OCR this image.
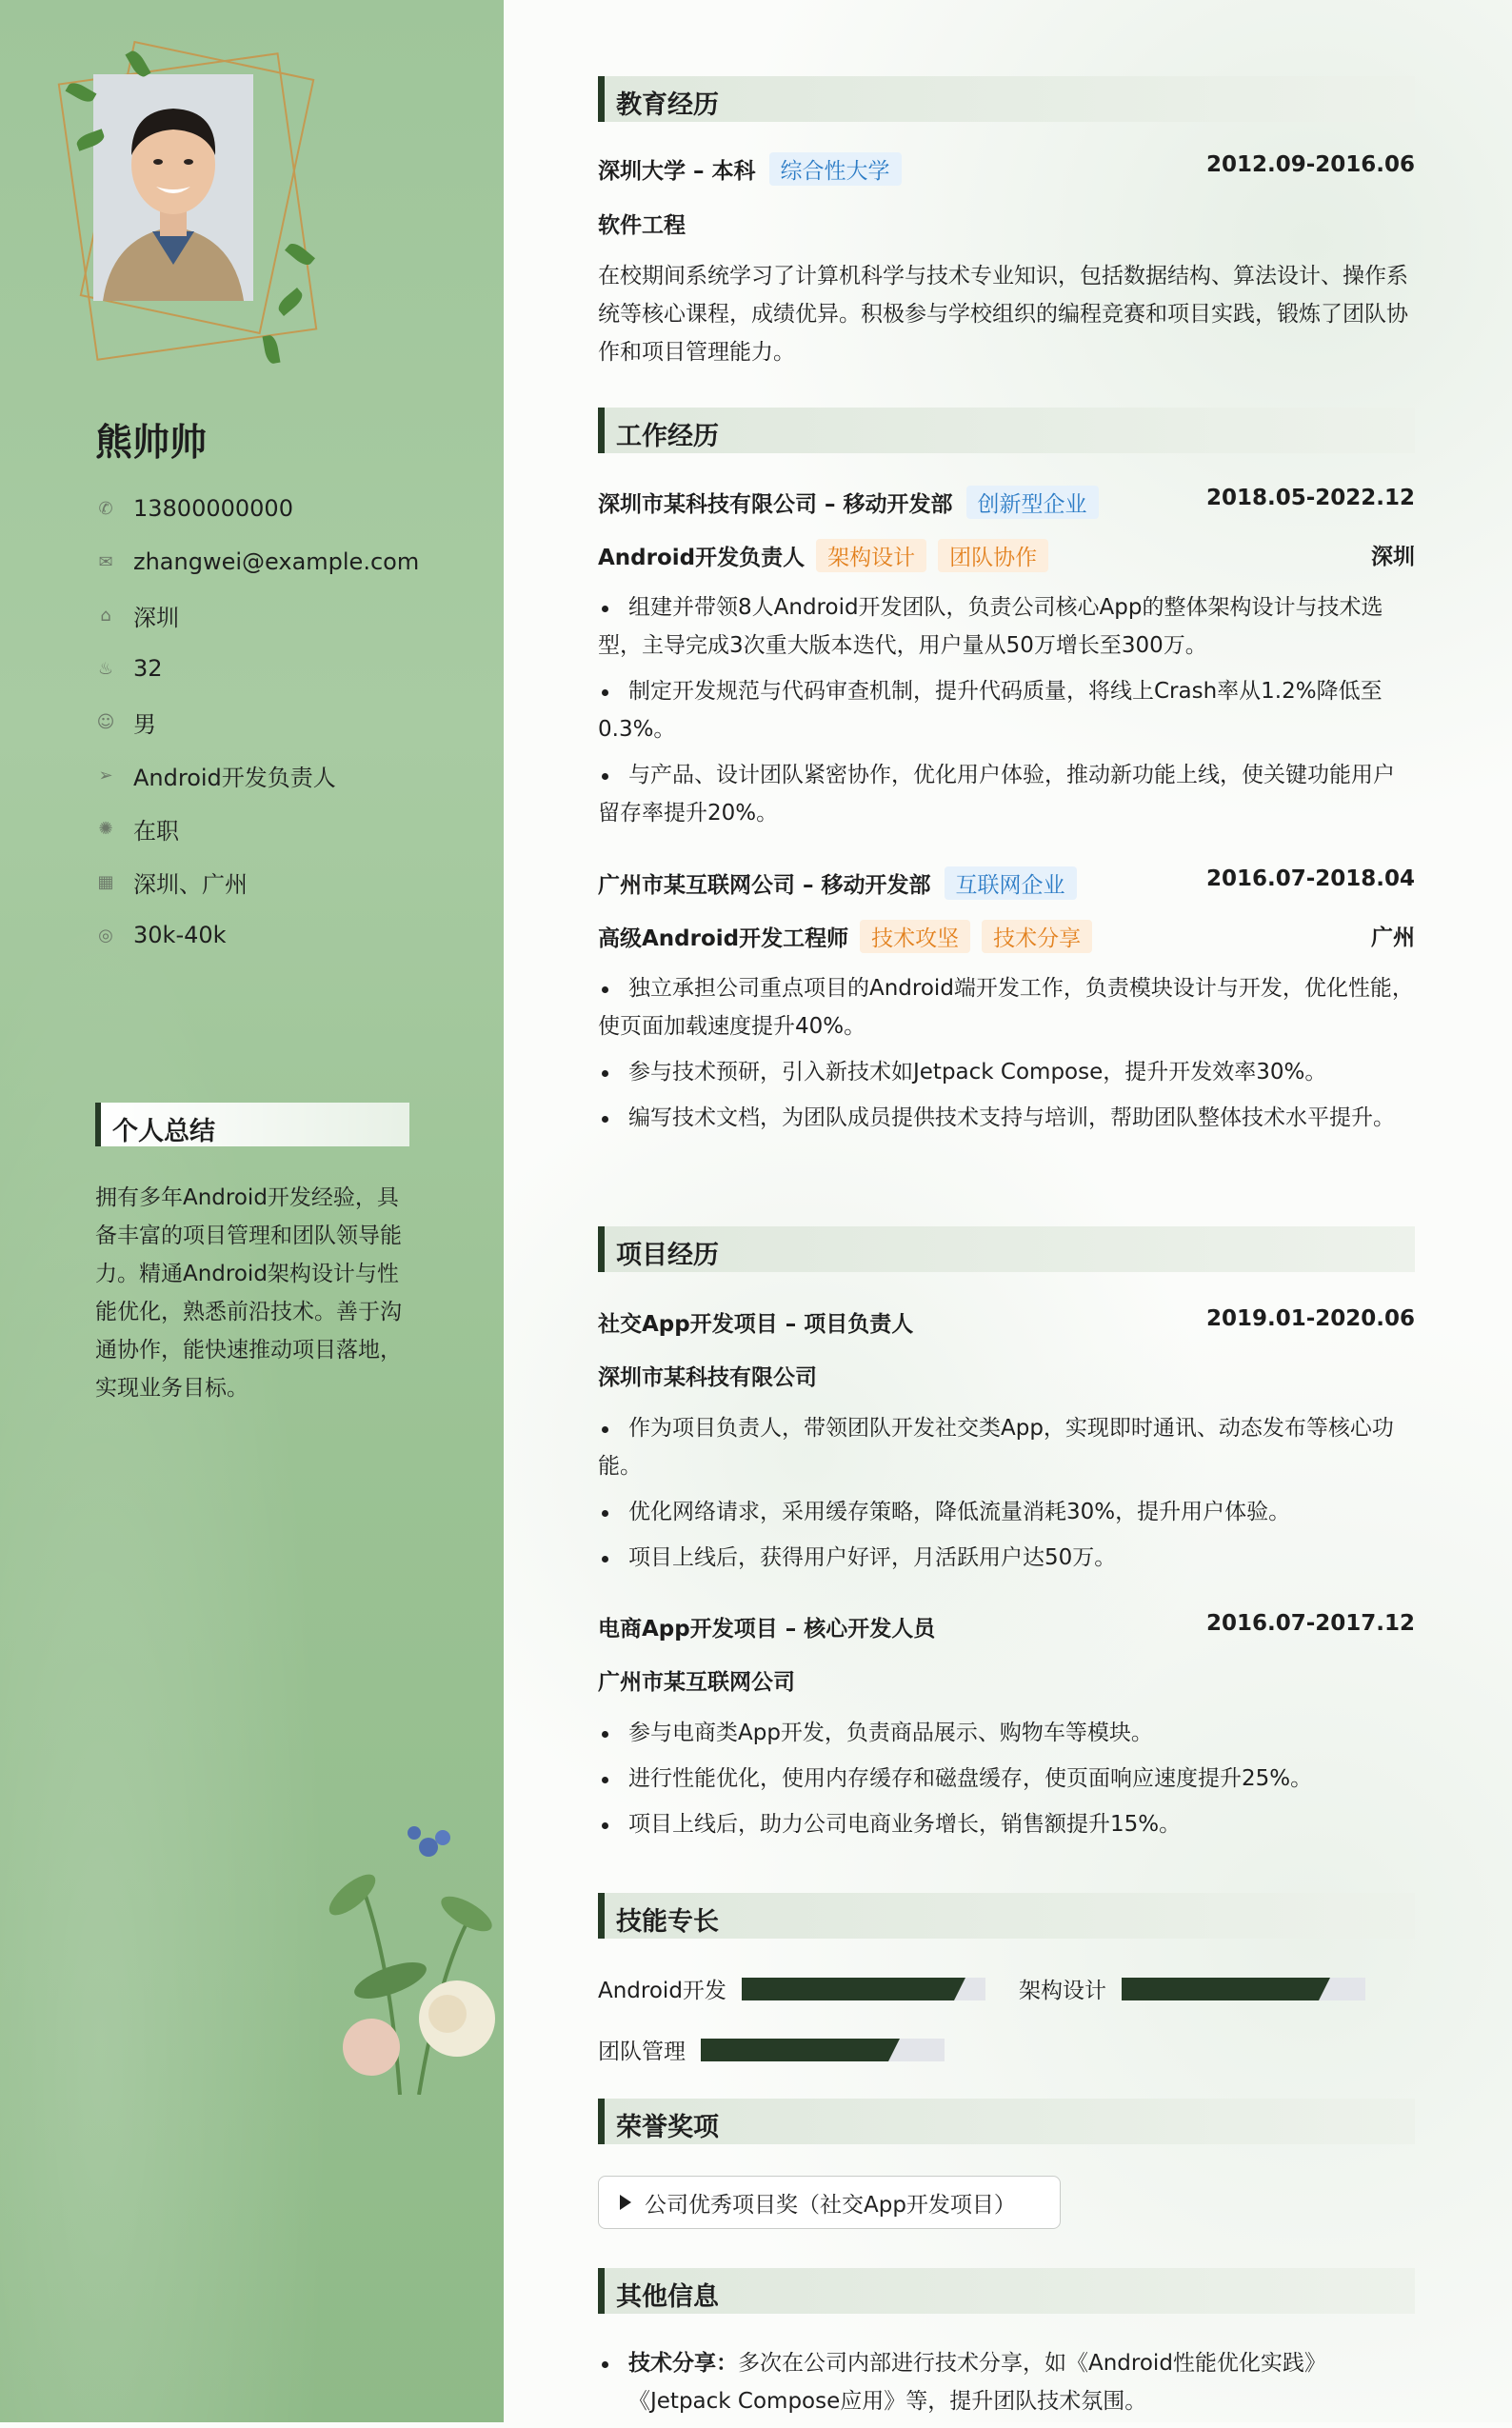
熊帅帅
✆ 13800000000
✉ zhangwei@example.com
⌂ 深圳
♨ 32
☺ 男
➢ Android开发负责人
✺ 在职
▦ 深圳、广州
◎ 30k-40k
个人总结
拥有多年Android开发经验，具备丰富的项目管理和团队领导能力。精通Android架构设计与性能优化，熟悉前沿技术。善于沟通协作，能快速推动项目落地，实现业务目标。
教育经历
深圳大学 – 本科 综合性大学	2012.09-2016.06
软件工程
在校期间系统学习了计算机科学与技术专业知识，包括数据结构、算法设计、操作系统等核心课程，成绩优异。积极参与学校组织的编程竞赛和项目实践，锻炼了团队协作和项目管理能力。
工作经历
深圳市某科技有限公司 – 移动开发部 创新型企业	2018.05-2022.12
Android开发负责人 架构设计 团队协作	深圳
组建并带领8人Android开发团队，负责公司核心App的整体架构设计与技术选型，主导完成3次重大版本迭代，用户量从50万增长至300万。
制定开发规范与代码审查机制，提升代码质量，将线上Crash率从1.2%降低至0.3%。
与产品、设计团队紧密协作，优化用户体验，推动新功能上线，使关键功能用户留存率提升20%。
广州市某互联网公司 – 移动开发部 互联网企业	2016.07-2018.04
高级Android开发工程师 技术攻坚 技术分享	广州
独立承担公司重点项目的Android端开发工作，负责模块设计与开发，优化性能，使页面加载速度提升40%。
参与技术预研，引入新技术如Jetpack Compose，提升开发效率30%。
编写技术文档，为团队成员提供技术支持与培训，帮助团队整体技术水平提升。
项目经历
社交App开发项目 – 项目负责人	2019.01-2020.06
深圳市某科技有限公司
作为项目负责人，带领团队开发社交类App，实现即时通讯、动态发布等核心功能。
优化网络请求，采用缓存策略，降低流量消耗30%，提升用户体验。
项目上线后，获得用户好评，月活跃用户达50万。
电商App开发项目 – 核心开发人员	2016.07-2017.12
广州市某互联网公司
参与电商类App开发，负责商品展示、购物车等模块。
进行性能优化，使用内存缓存和磁盘缓存，使页面响应速度提升25%。
项目上线后，助力公司电商业务增长，销售额提升15%。
技能专长
Android开发	架构设计
团队管理
荣誉奖项
公司优秀项目奖（社交App开发项目）
其他信息
技术分享：多次在公司内部进行技术分享，如《Android性能优化实践》《Jetpack Compose应用》等，提升团队技术氛围。
